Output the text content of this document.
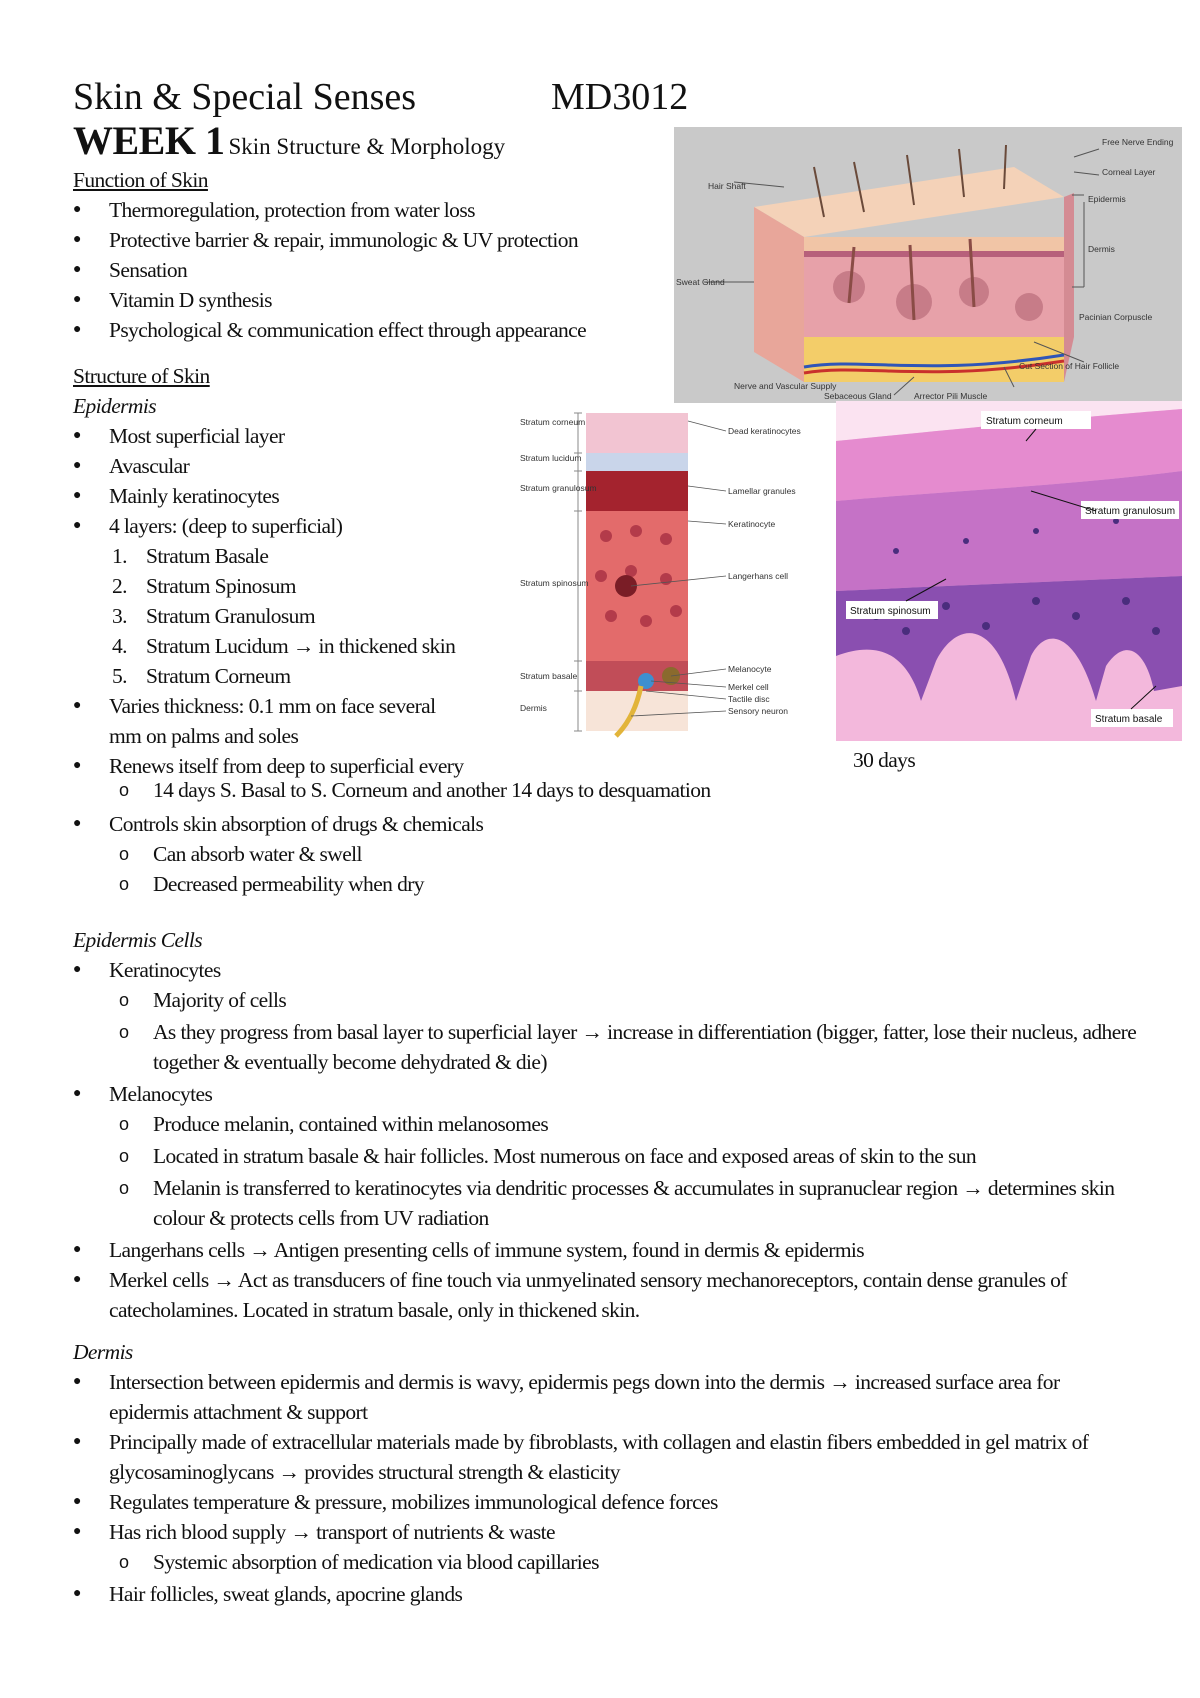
Skin & Special Senses	MD3012
WEEK 1 Skin Structure & Morphology
Function of Skin
●	Thermoregulation, protection from water loss
●	Protective barrier & repair, immunologic & UV protection
●	Sensation
●	Vitamin D synthesis
●	Psychological & communication effect through appearance
Structure of Skin
Epidermis
●	Most superficial layer
●	Avascular
●	Mainly keratinocytes
●	4 layers: (deep to superficial)
1. Stratum Basale
2. Stratum Spinosum
3. Stratum Granulosum
4. Stratum Lucidum → in thickened skin
5. Stratum Corneum
●	Varies thickness: 0.1 mm on face several
mm on palms and soles
●	Renews itself from deep to superficial every	30 days
o	14 days S. Basal to S. Corneum and another 14 days to desquamation
●	Controls skin absorption of drugs & chemicals
o	Can absorb water & swell
o	Decreased permeability when dry
Epidermis Cells
●	Keratinocytes
o	Majority of cells
o	As they progress from basal layer to superficial layer → increase in differentiation (bigger, fatter, lose their nucleus, adhere together & eventually become dehydrated & die)
●	Melanocytes
o	Produce melanin, contained within melanosomes
o	Located in stratum basale & hair follicles. Most numerous on face and exposed areas of skin to the sun
o	Melanin is transferred to keratinocytes via dendritic processes & accumulates in supranuclear region → determines skin colour & protects cells from UV radiation
●	Langerhans cells → Antigen presenting cells of immune system, found in dermis & epidermis
●	Merkel cells → Act as transducers of fine touch via unmyelinated sensory mechanoreceptors, contain dense granules of catecholamines. Located in stratum basale, only in thickened skin.
Dermis
●	Intersection between epidermis and dermis is wavy, epidermis pegs down into the dermis → increased surface area for epidermis attachment & support
●	Principally made of extracellular materials made by fibroblasts, with collagen and elastin fibers embedded in gel matrix of glycosaminoglycans → provides structural strength & elasticity
●	Regulates temperature & pressure, mobilizes immunological defence forces
●	Has rich blood supply → transport of nutrients & waste
o	Systemic absorption of medication via blood capillaries
●	Hair follicles, sweat glands, apocrine glands
Free Nerve Ending
Corneal Layer
Hair Shaft
Epidermis
Dermis
Sweat Gland
Pacinian Corpuscle
Cut Section of Hair Follicle
Nerve and Vascular Supply
Sebaceous Gland	Arrector Pili Muscle
Stratum corneum
Stratum lucidum
Stratum granulosum
Stratum spinosum
Stratum basale
Dermis
Dead keratinocytes
Lamellar granules
Keratinocyte
Langerhans cell
Melanocyte
Merkel cell
Tactile disc
Sensory neuron
Stratum corneum
Stratum granulosum
Stratum spinosum
Stratum basale
